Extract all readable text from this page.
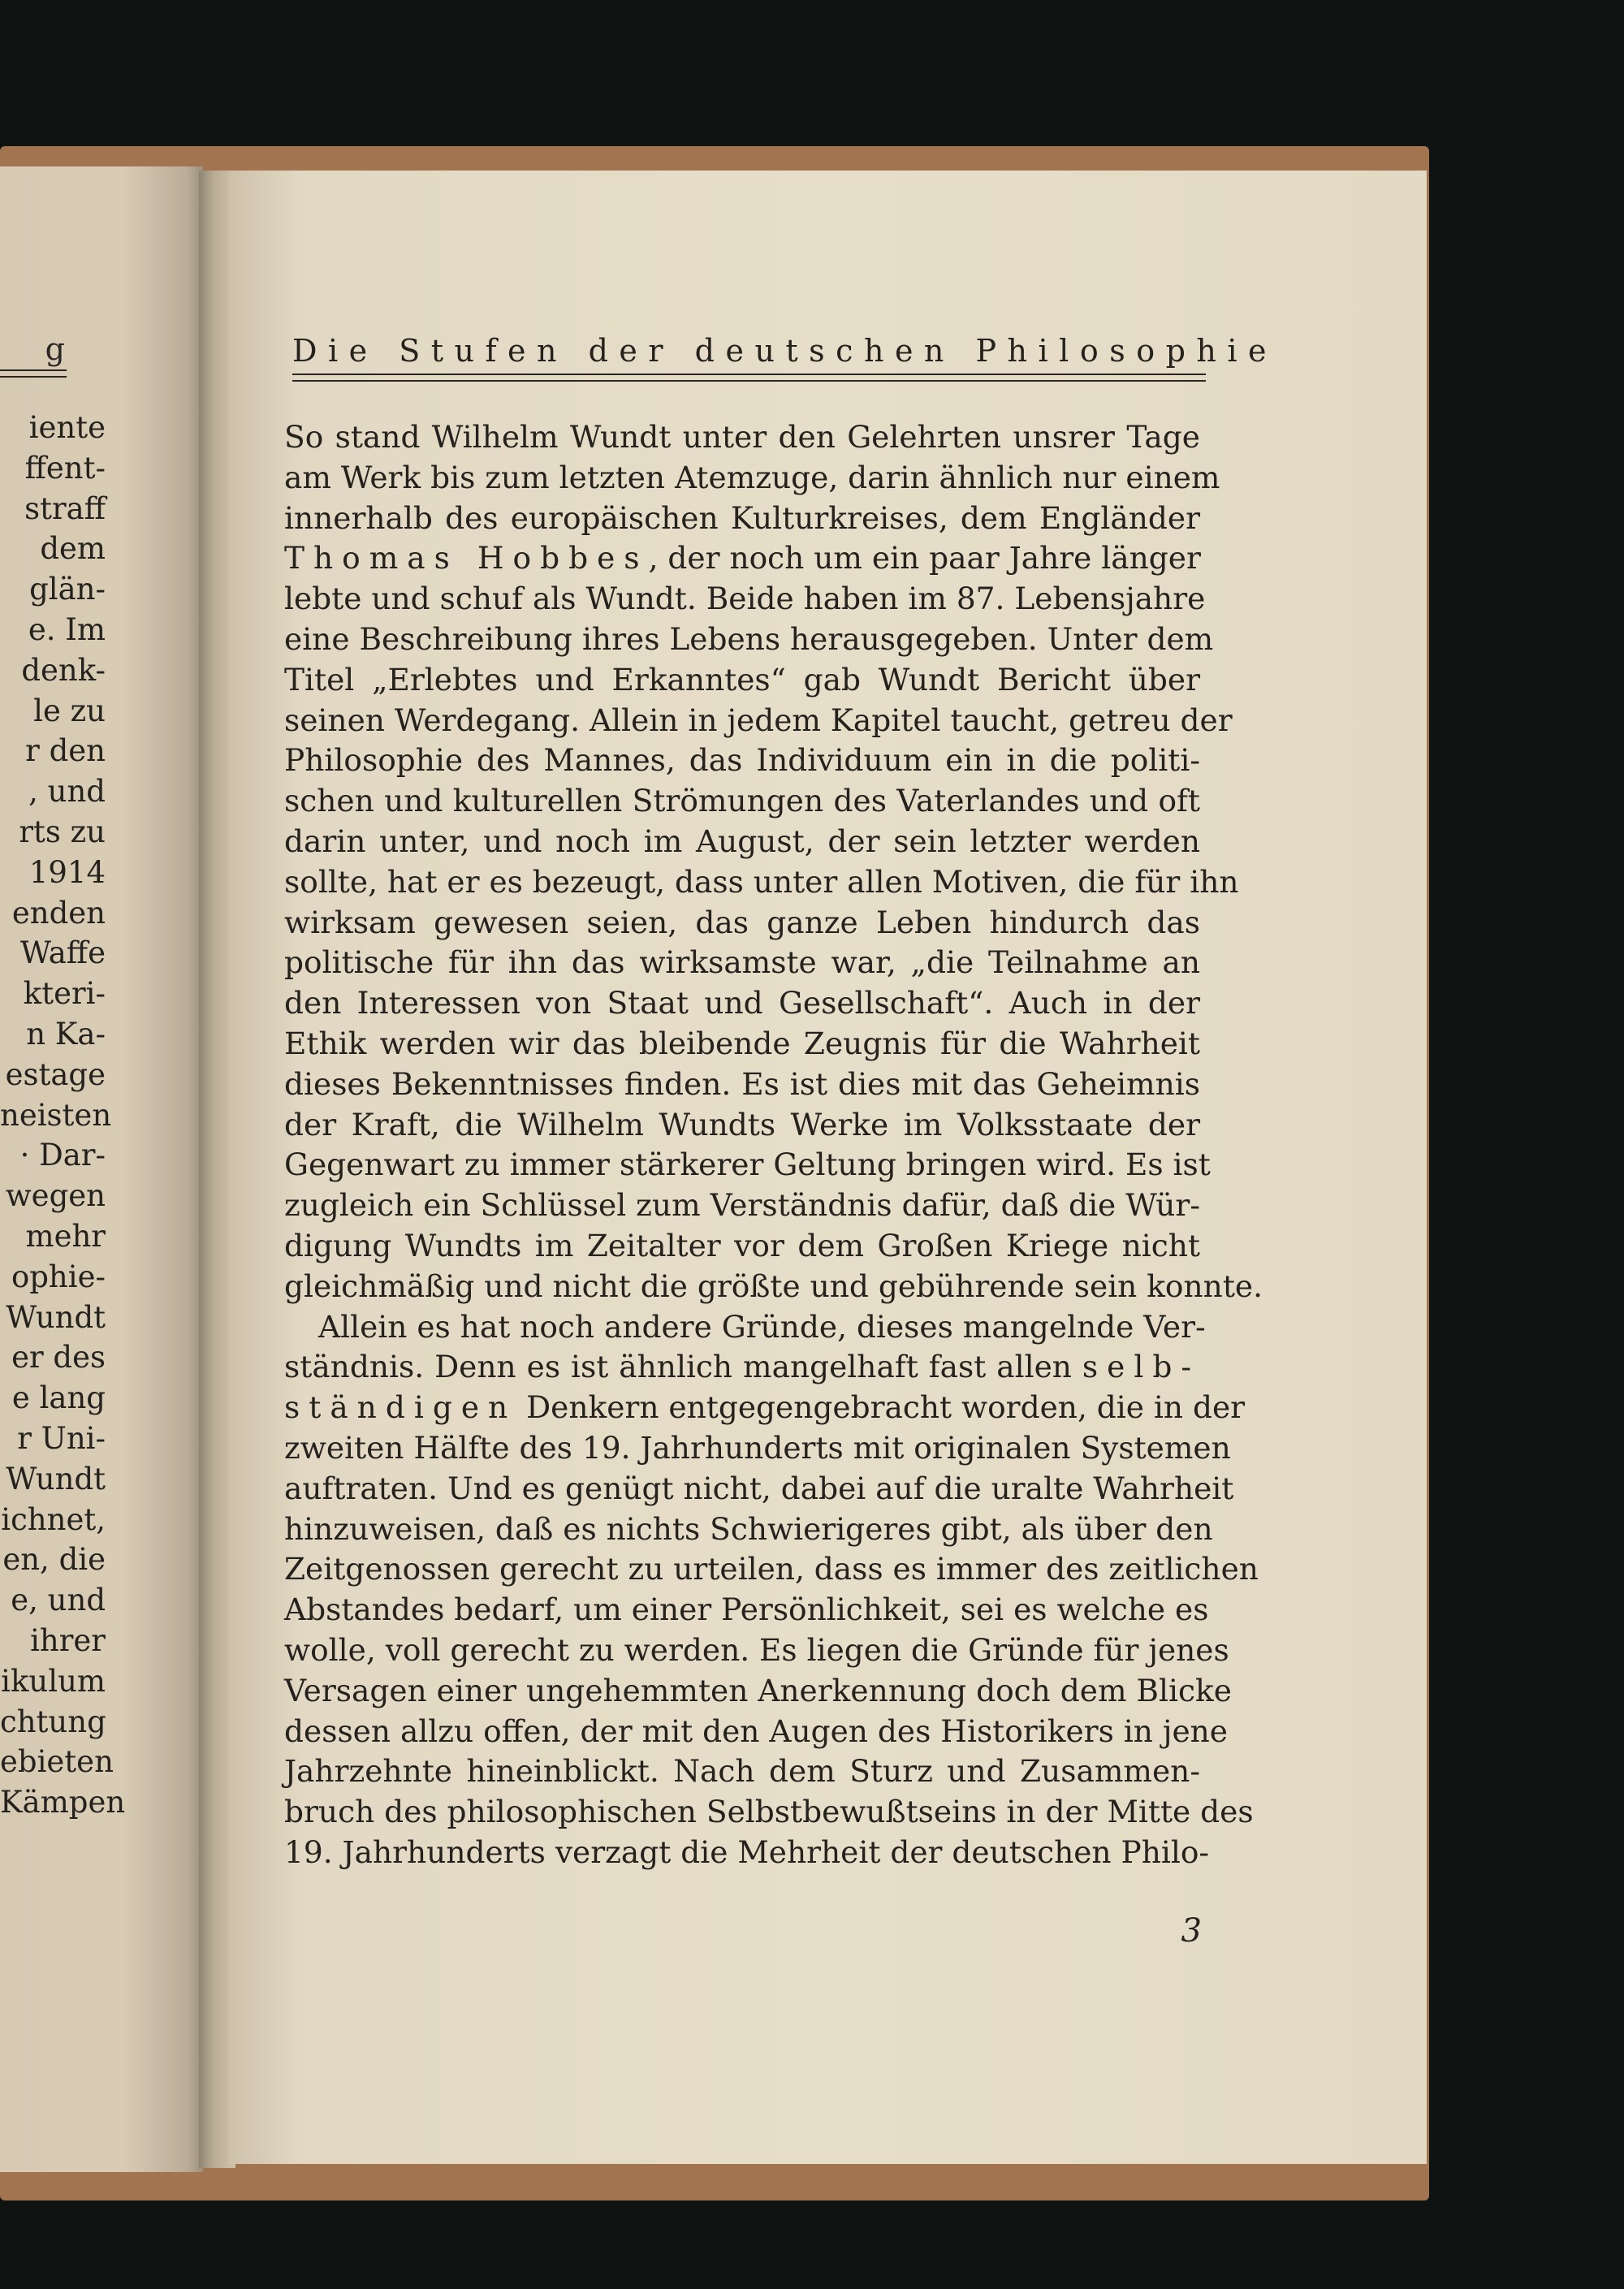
iente
ffent-
straff
dem
glän-
e. Im
denk-
le zu
r den
, und
rts zu
1914
enden
Waffe
kteri-
n Ka-
estage
neisten
· Dar-
wegen
mehr
ophie-
Wundt
er des
e lang
r Uni-
Wundt
ichnet,
en, die
e, und
ihrer
ikulum
chtung
ebieten
Kämpen
g	Die Stufen der deutschen Philosophie
So stand Wilhelm Wundt unter den Gelehrten unsrer Tage
am Werk bis zum letzten Atemzuge, darin ähnlich nur einem
innerhalb des europäischen Kulturkreises, dem Engländer
Thomas Hobbes, der noch um ein paar Jahre länger
lebte und schuf als Wundt. Beide haben im 87. Lebensjahre
eine Beschreibung ihres Lebens herausgegeben. Unter dem
Titel „Erlebtes und Erkanntes“ gab Wundt Bericht über
seinen Werdegang. Allein in jedem Kapitel taucht, getreu der
Philosophie des Mannes, das Individuum ein in die politi-
schen und kulturellen Strömungen des Vaterlandes und oft
darin unter, und noch im August, der sein letzter werden
sollte, hat er es bezeugt, dass unter allen Motiven, die für ihn
wirksam gewesen seien, das ganze Leben hindurch das
politische für ihn das wirksamste war, „die Teilnahme an
den Interessen von Staat und Gesellschaft“. Auch in der
Ethik werden wir das bleibende Zeugnis für die Wahrheit
dieses Bekenntnisses finden. Es ist dies mit das Geheimnis
der Kraft, die Wilhelm Wundts Werke im Volksstaate der
Gegenwart zu immer stärkerer Geltung bringen wird. Es ist
zugleich ein Schlüssel zum Verständnis dafür, daß die Wür-
digung Wundts im Zeitalter vor dem Großen Kriege nicht
gleichmäßig und nicht die größte und gebührende sein konnte.
Allein es hat noch andere Gründe, dieses mangelnde Ver-
ständnis. Denn es ist ähnlich mangelhaft fast allen selb-
ständigen Denkern entgegengebracht worden, die in der
zweiten Hälfte des 19. Jahrhunderts mit originalen Systemen
auftraten. Und es genügt nicht, dabei auf die uralte Wahrheit
hinzuweisen, daß es nichts Schwierigeres gibt, als über den
Zeitgenossen gerecht zu urteilen, dass es immer des zeitlichen
Abstandes bedarf, um einer Persönlichkeit, sei es welche es
wolle, voll gerecht zu werden. Es liegen die Gründe für jenes
Versagen einer ungehemmten Anerkennung doch dem Blicke
dessen allzu offen, der mit den Augen des Historikers in jene
Jahrzehnte hineinblickt. Nach dem Sturz und Zusammen-
bruch des philosophischen Selbstbewußtseins in der Mitte des
19. Jahrhunderts verzagt die Mehrheit der deutschen Philo-
3
